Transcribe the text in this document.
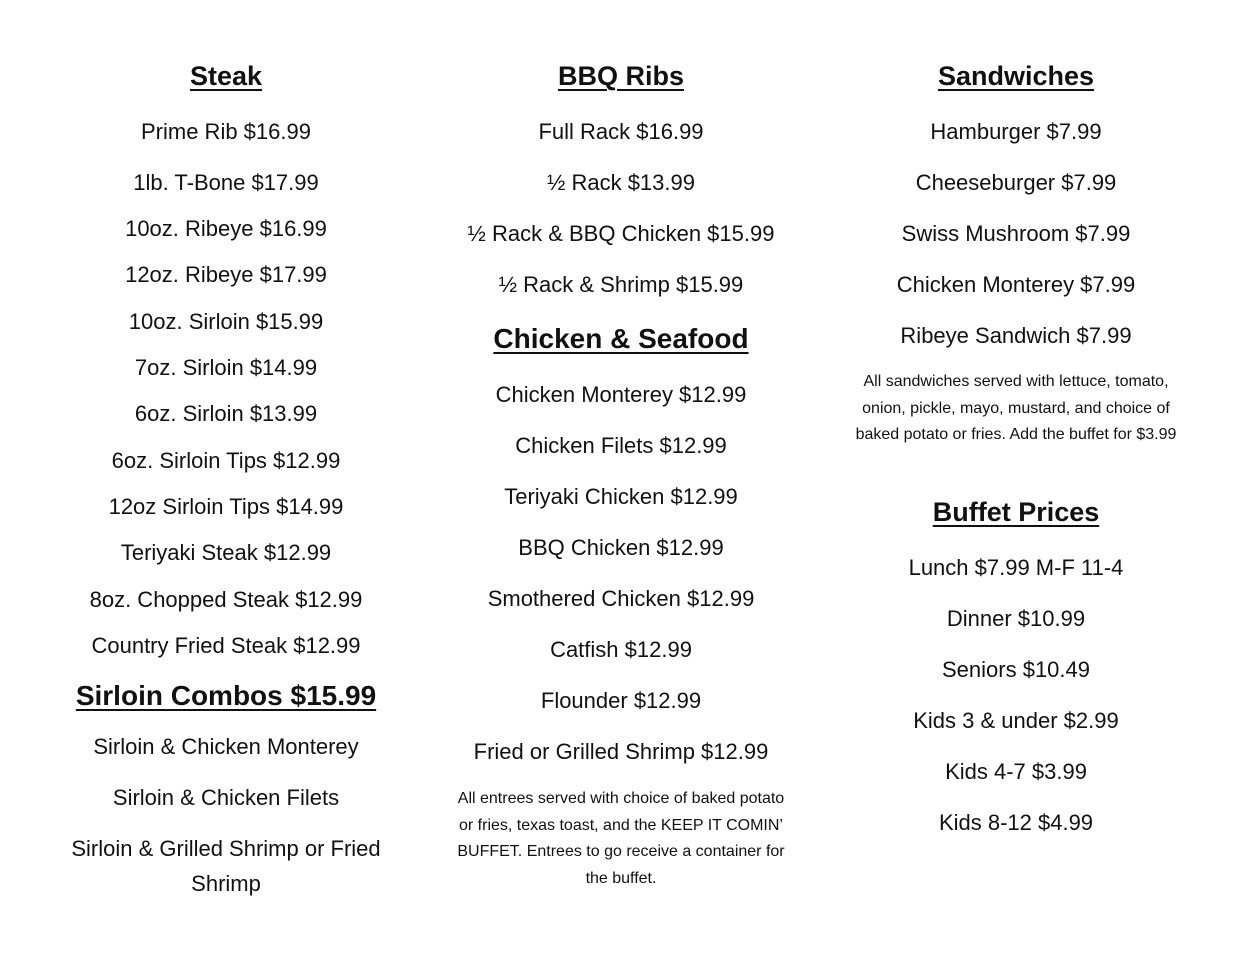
Steak
Prime Rib $16.99
1lb. T-Bone $17.99
10oz. Ribeye $16.99
12oz. Ribeye $17.99
10oz. Sirloin $15.99
7oz. Sirloin $14.99
6oz. Sirloin $13.99
6oz. Sirloin Tips $12.99
12oz Sirloin Tips $14.99
Teriyaki Steak $12.99
8oz. Chopped Steak $12.99
Country Fried Steak $12.99
Sirloin Combos $15.99
Sirloin & Chicken Monterey
Sirloin & Chicken Filets
Sirloin & Grilled Shrimp or Fried Shrimp
BBQ Ribs
Full Rack $16.99
½ Rack $13.99
½ Rack & BBQ Chicken $15.99
½ Rack & Shrimp $15.99
Chicken & Seafood
Chicken Monterey $12.99
Chicken Filets $12.99
Teriyaki Chicken $12.99
BBQ Chicken $12.99
Smothered Chicken $12.99
Catfish $12.99
Flounder $12.99
Fried or Grilled Shrimp $12.99
All entrees served with choice of baked potato or fries, texas toast, and the KEEP IT COMIN’ BUFFET. Entrees to go receive a container for the buffet.
Sandwiches
Hamburger $7.99
Cheeseburger $7.99
Swiss Mushroom $7.99
Chicken Monterey $7.99
Ribeye Sandwich $7.99
All sandwiches served with lettuce, tomato, onion, pickle, mayo, mustard, and choice of baked potato or fries. Add the buffet for $3.99
Buffet Prices
Lunch $7.99 M-F 11-4
Dinner $10.99
Seniors $10.49
Kids 3 & under $2.99
Kids 4-7 $3.99
Kids 8-12 $4.99
